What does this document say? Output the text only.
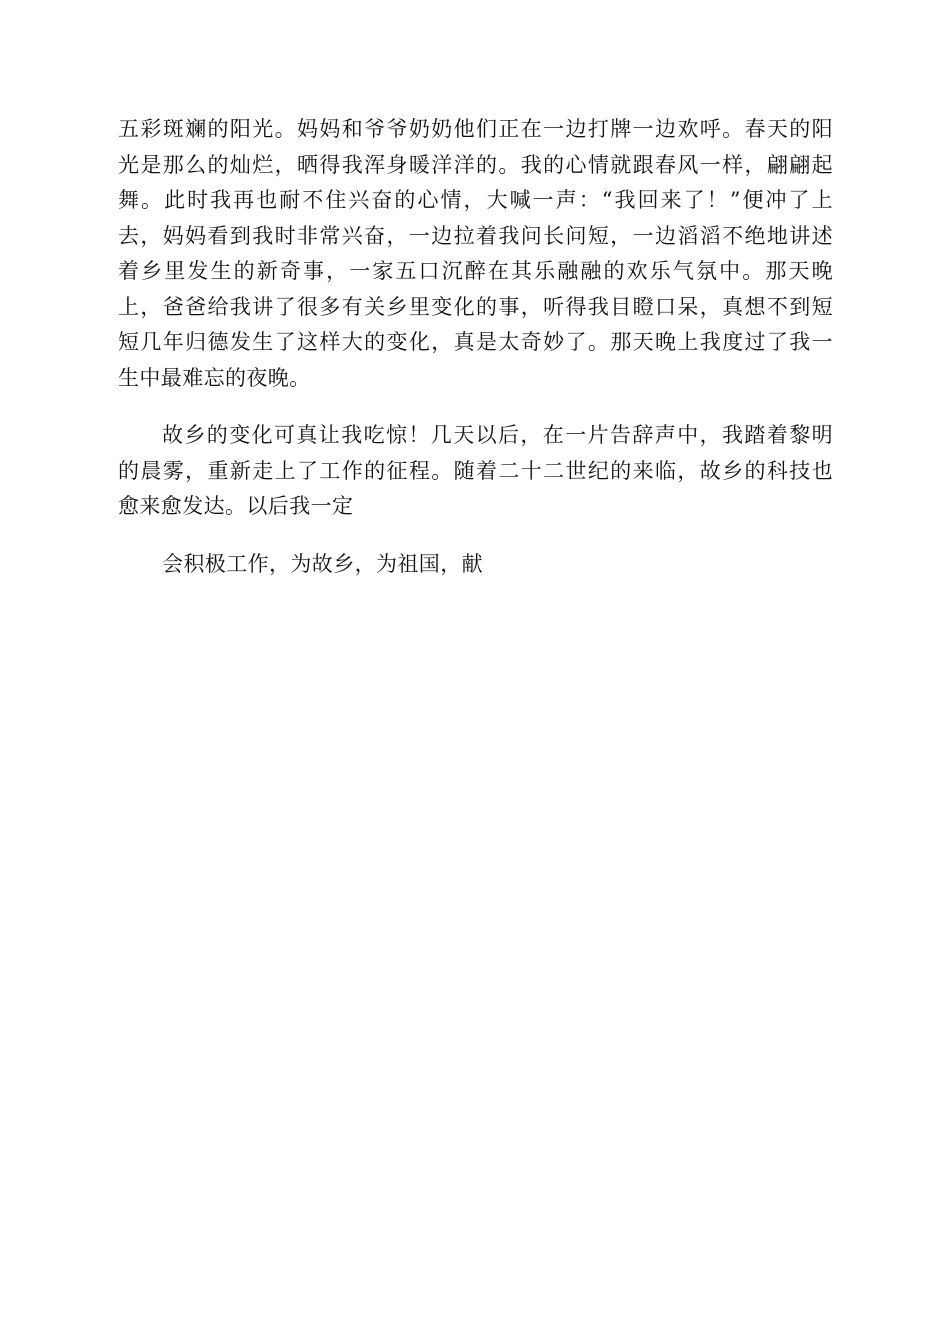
五彩斑斓的阳光。妈妈和爷爷奶奶他们正在一边打牌一边欢呼。春天的阳
光是那么的灿烂，晒得我浑身暖洋洋的。我的心情就跟春风一样，翩翩起
舞。此时我再也耐不住兴奋的心情，大喊一声：“我回来了！”便冲了上
去，妈妈看到我时非常兴奋，一边拉着我问长问短，一边滔滔不绝地讲述
着乡里发生的新奇事，一家五口沉醉在其乐融融的欢乐气氛中。那天晚
上，爸爸给我讲了很多有关乡里变化的事，听得我目瞪口呆，真想不到短
短几年归德发生了这样大的变化，真是太奇妙了。那天晚上我度过了我一
生中最难忘的夜晚。

故乡的变化可真让我吃惊！几天以后，在一片告辞声中，我踏着黎明
的晨雾，重新走上了工作的征程。随着二十二世纪的来临，故乡的科技也
愈来愈发达。以后我一定

会积极工作，为故乡，为祖国，献
